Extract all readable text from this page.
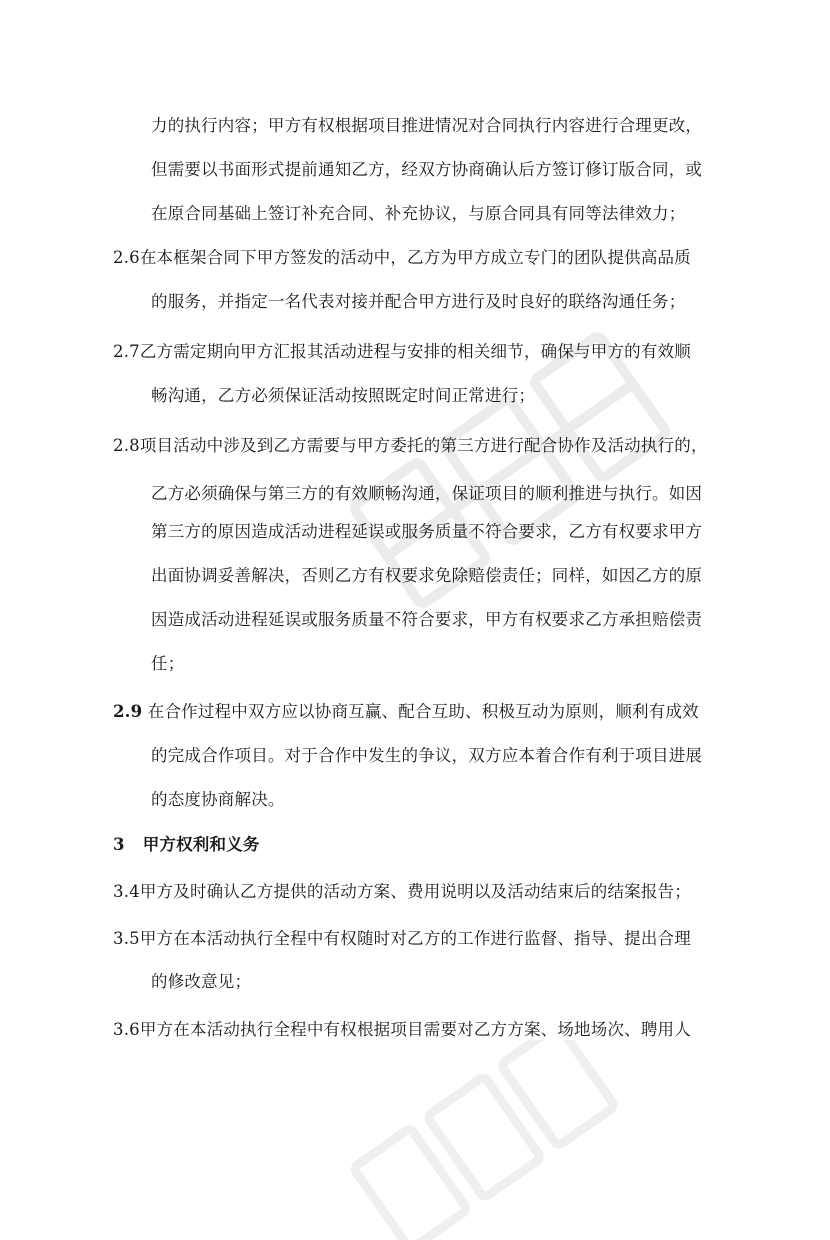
力的执行内容；甲方有权根据项目推进情况对合同执行内容进行合理更改，
但需要以书面形式提前通知乙方，经双方协商确认后方签订修订版合同，或
在原合同基础上签订补充合同、补充协议，与原合同具有同等法律效力；
2.6在本框架合同下甲方签发的活动中，乙方为甲方成立专门的团队提供高品质
的服务，并指定一名代表对接并配合甲方进行及时良好的联络沟通任务；
2.7乙方需定期向甲方汇报其活动进程与安排的相关细节，确保与甲方的有效顺
畅沟通，乙方必须保证活动按照既定时间正常进行；
2.8项目活动中涉及到乙方需要与甲方委托的第三方进行配合协作及活动执行的，
乙方必须确保与第三方的有效顺畅沟通，保证项目的顺利推进与执行。如因
第三方的原因造成活动进程延误或服务质量不符合要求，乙方有权要求甲方
出面协调妥善解决，否则乙方有权要求免除赔偿责任；同样，如因乙方的原
因造成活动进程延误或服务质量不符合要求，甲方有权要求乙方承担赔偿责
任；
2.9 在合作过程中双方应以协商互赢、配合互助、积极互动为原则，顺利有成效
的完成合作项目。对于合作中发生的争议，双方应本着合作有利于项目进展
的态度协商解决。
3 甲方权利和义务
3.4甲方及时确认乙方提供的活动方案、费用说明以及活动结束后的结案报告；
3.5甲方在本活动执行全程中有权随时对乙方的工作进行监督、指导、提出合理
的修改意见；
3.6甲方在本活动执行全程中有权根据项目需要对乙方方案、场地场次、聘用人
